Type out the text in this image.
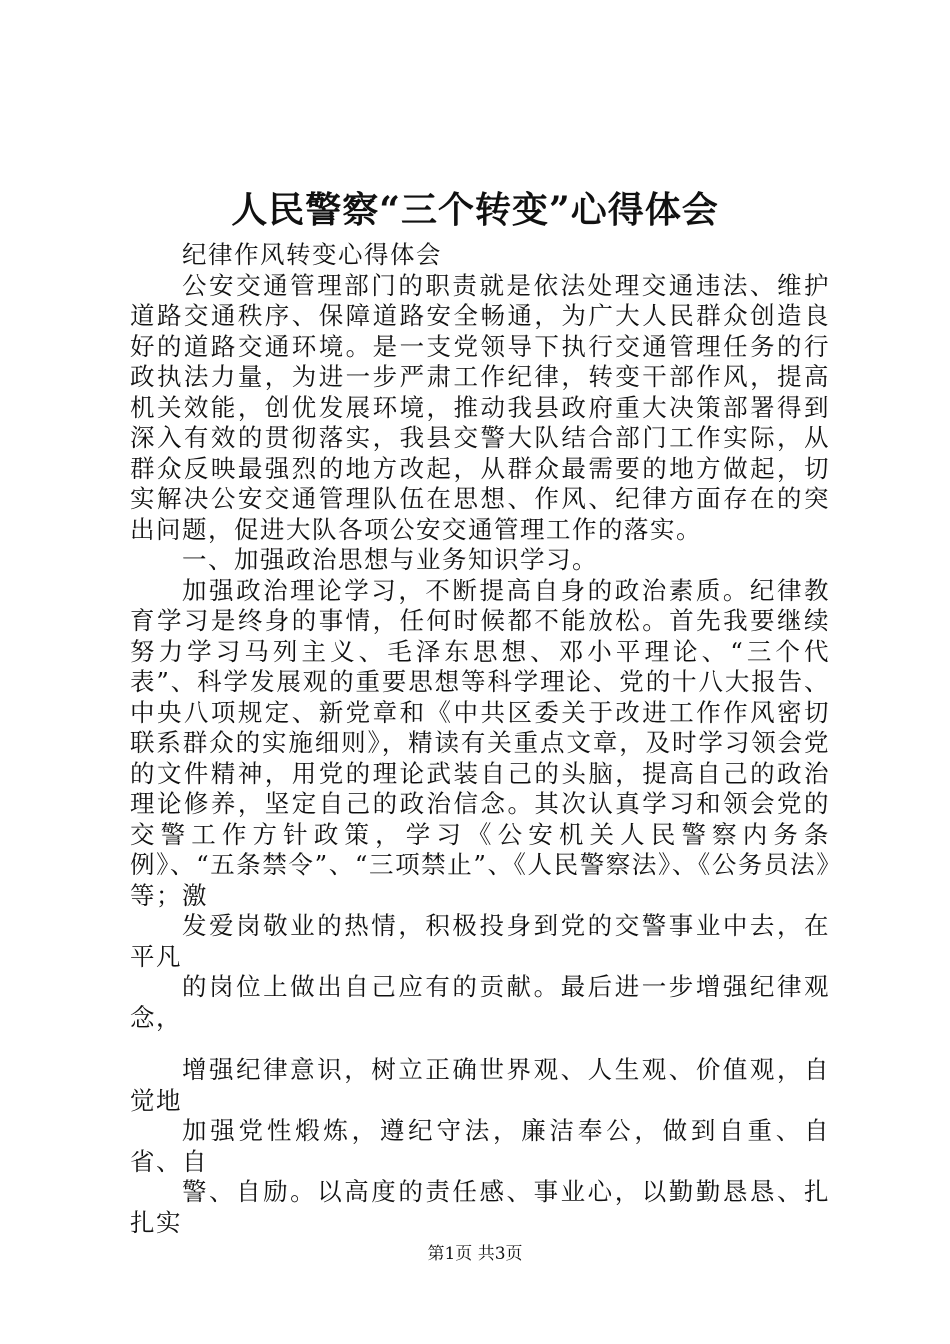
人民警察“三个转变”心得体会

纪律作风转变心得体会

公安交通管理部门的职责就是依法处理交通违法、维护道路交通秩序、保障道路安全畅通，为广大人民群众创造良好的道路交通环境。是一支党领导下执行交通管理任务的行政执法力量，为进一步严肃工作纪律，转变干部作风，提高机关效能，创优发展环境，推动我县政府重大决策部署得到深入有效的贯彻落实，我县交警大队结合部门工作实际，从群众反映最强烈的地方改起，从群众最需要的地方做起，切实解决公安交通管理队伍在思想、作风、纪律方面存在的突出问题，促进大队各项公安交通管理工作的落实。

一、加强政治思想与业务知识学习。

加强政治理论学习，不断提高自身的政治素质。纪律教育学习是终身的事情，任何时候都不能放松。首先我要继续努力学习马列主义、毛泽东思想、邓小平理论、“三个代表”、科学发展观的重要思想等科学理论、党的十八大报告、中央八项规定、新党章和《中共区委关于改进工作作风密切联系群众的实施细则》，精读有关重点文章，及时学习领会党的文件精神，用党的理论武装自己的头脑，提高自己的政治理论修养，坚定自己的政治信念。其次认真学习和领会党的交警工作方针政策，学习《公安机关人民警察内务条例》、“五条禁令”、“三项禁止”、《人民警察法》、《公务员法》等；激

发爱岗敬业的热情，积极投身到党的交警事业中去，在平凡

的岗位上做出自己应有的贡献。最后进一步增强纪律观念，

增强纪律意识，树立正确世界观、人生观、价值观，自觉地

加强党性煅炼，遵纪守法，廉洁奉公，做到自重、自省、自

警、自励。以高度的责任感、事业心，以勤勤恳恳、扎扎实

第1页 共3页
